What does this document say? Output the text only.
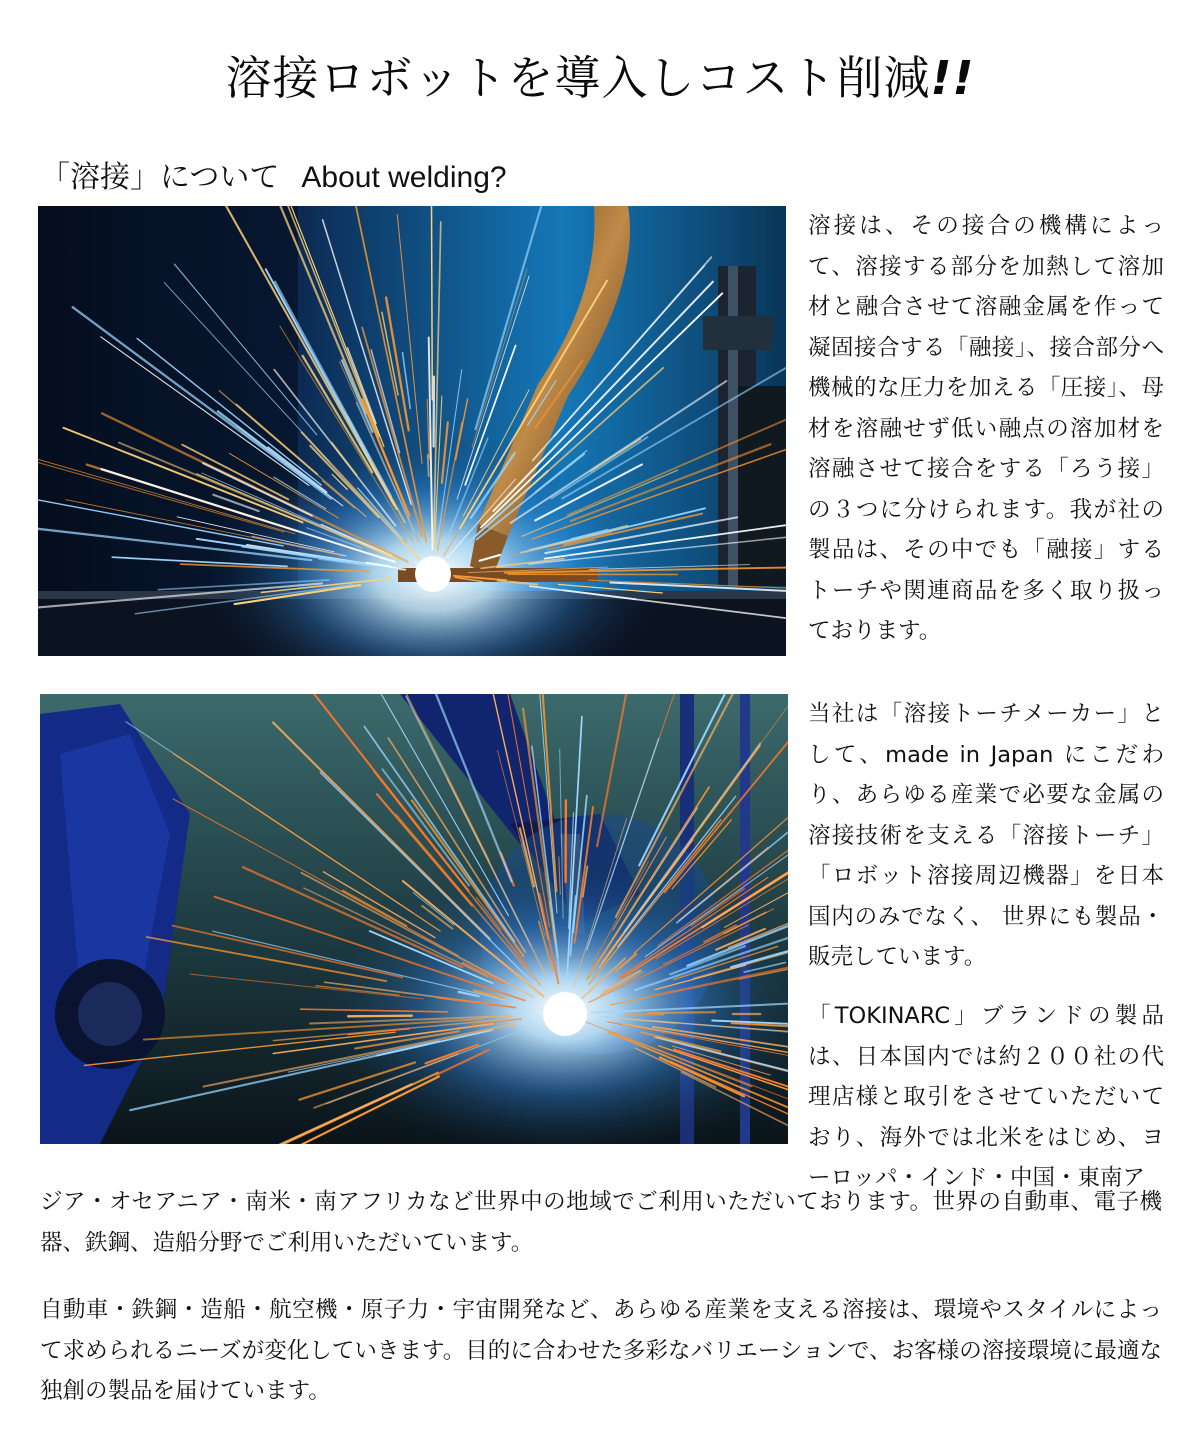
溶接ロボットを導入しコスト削減!!
「溶接」について About welding?

溶接は、その接合の機構によって、溶接する部分を加熱して溶加材と融合させて溶融金属を作って凝固接合する「融接」、接合部分へ機械的な圧力を加える「圧接」、母材を溶融せず低い融点の溶加材を溶融させて接合をする「ろう接」の３つに分けられます。我が社の製品は、その中でも「融接」するトーチや関連商品を多く取り扱っております。

当社は「溶接トーチメーカー」として、made in Japan にこだわり、あらゆる産業で必要な金属の溶接技術を支える「溶接トーチ」「ロボット溶接周辺機器」を日本国内のみでなく、 世界にも製品・販売しています。

「TOKINARC」ブランドの製品は、日本国内では約２００社の代理店様と取引をさせていただいており、海外では北米をはじめ、ヨーロッパ・インド・中国・東南ア

ジア・オセアニア・南米・南アフリカなど世界中の地域でご利用いただいております。世界の自動車、電子機器、鉄鋼、造船分野でご利用いただいています。

自動車・鉄鋼・造船・航空機・原子力・宇宙開発など、あらゆる産業を支える溶接は、環境やスタイルによって求められるニーズが変化していきます。目的に合わせた多彩なバリエーションで、お客様の溶接環境に最適な独創の製品を届けています。
